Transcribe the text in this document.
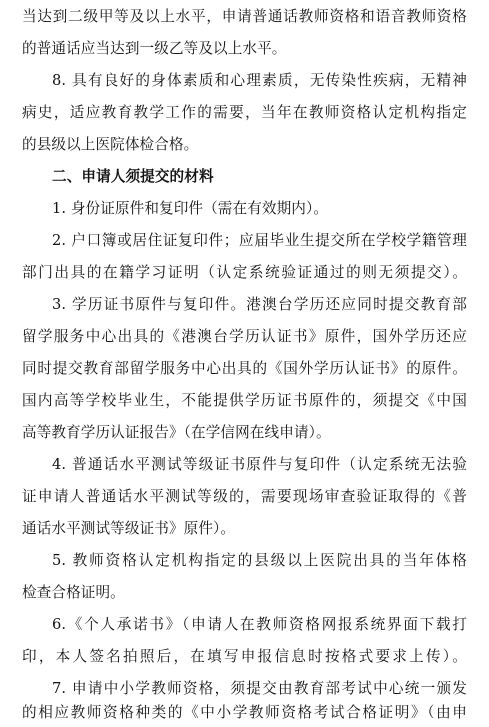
当达到二级甲等及以上水平，申请普通话教师资格和语音教师资格
的普通话应当达到一级乙等及以上水平。
8. 具有良好的身体素质和心理素质，无传染性疾病，无精神
病史，适应教育教学工作的需要，当年在教师资格认定机构指定
的县级以上医院体检合格。
二、申请人须提交的材料
1. 身份证原件和复印件（需在有效期内）。
2. 户口簿或居住证复印件；应届毕业生提交所在学校学籍管理
部门出具的在籍学习证明（认定系统验证通过的则无须提交）。
3. 学历证书原件与复印件。港澳台学历还应同时提交教育部
留学服务中心出具的《港澳台学历认证书》原件，国外学历还应
同时提交教育部留学服务中心出具的《国外学历认证书》的原件。
国内高等学校毕业生，不能提供学历证书原件的，须提交《中国
高等教育学历认证报告》（在学信网在线申请）。
4. 普通话水平测试等级证书原件与复印件（认定系统无法验
证申请人普通话水平测试等级的，需要现场审查验证取得的《普
通话水平测试等级证书》原件）。
5. 教师资格认定机构指定的县级以上医院出具的当年体格
检查合格证明。
6.《个人承诺书》（申请人在教师资格网报系统界面下载打
印，本人签名拍照后，在填写申报信息时按格式要求上传）。
7. 申请中小学教师资格，须提交由教育部考试中心统一颁发
的相应教师资格种类的《中小学教师资格考试合格证明》（由申
